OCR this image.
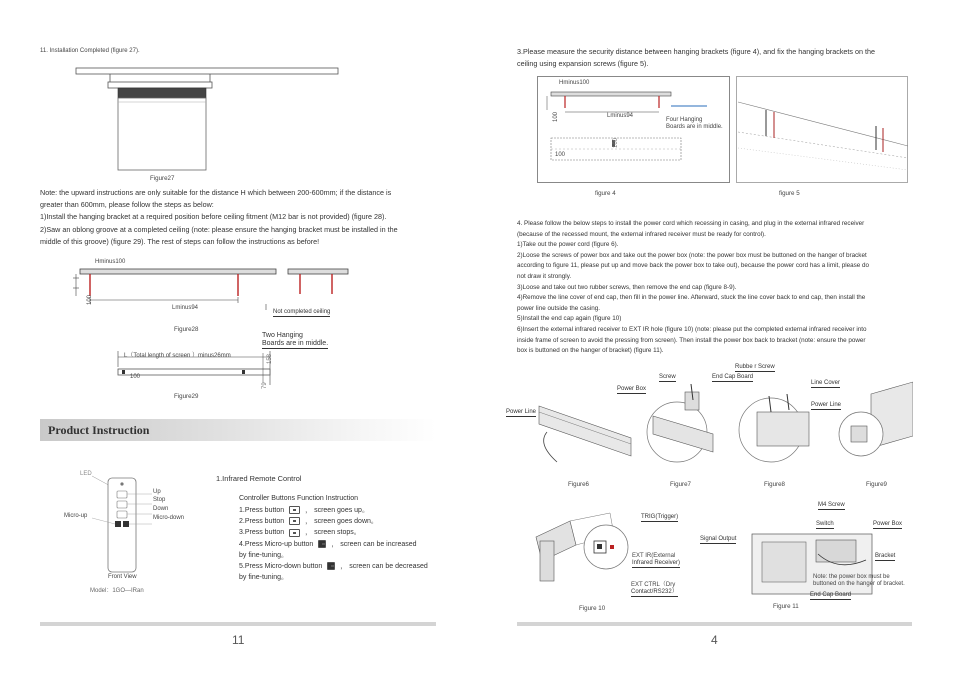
11. Installation Completed (figure 27).
Figure27
Note: the upward instructions are only suitable for the distance H which between 200-600mm; if the distance is
greater than 600mm, please follow the steps as below:
1)Install the hanging bracket at a required position before ceiling fitment (M12 bar is not provided) (figure 28).
2)Saw an oblong groove at a completed ceiling (note: please ensure the hanging bracket must be installed in the
middle of this groove) (figure 29). The rest of steps can follow the instructions as before!
Hminus100
100
Lminus94
Not completed ceiling
Figure28
Two Hanging
Boards are in middle.
L（Total length of screen ）minus26mm
100
158
79
Figure29
Product Instruction
LED
Up
Stop
Down
Micro-up	Micro-down
Front View
Model：1GO—IRan
1.Infrared Remote Control
Controller Buttons Function Instruction
1.Press button	， screen goes up。
2.Press button	， screen goes down。
3.Press button	， screen stops。
4.Press Micro-up button	， screen can be increased
by fine-tuning。
5.Press Micro-down button	， screen can be decreased
by fine-tuning。
11
3.Please measure the security distance between hanging brackets (figure 4), and fix the hanging brackets on the
ceiling using expansion screws (figure 5).
Hminus100
100	Lminus94
Four Hanging
Boards are in middle.
100
100
figure 4	figure 5
4. Please follow the below steps to install the power cord which recessing in casing, and plug in the external infrared receiver
(because of the recessed mount, the external infrared receiver must be ready for control).
1)Take out the power cord (figure 6).
2)Loose the screws of power box and take out the power box (note: the power box must be buttoned on the hanger of bracket
according to figure 11, please put up and move back the power box to take out), because the power cord has a limit, please do
not draw it strongly.
3)Loose and take out two rubber screws, then remove the end cap (figure 8-9).
4)Remove the line cover of end cap, then fill in the power line. Afterward, stuck the line cover back to end cap, then install the
power line outside the casing.
5)Install the end cap again (figure 10)
6)Insert the external infrared receiver to EXT IR hole (figure 10) (note: please put the completed external infrared receiver into
inside frame of screen to avoid the pressing from screen). Then install the power box back to bracket (note: ensure the power
box is buttoned on the hanger of bracket) (figure 11).
Rubbe r Screw
Screw	End Cap Board
Line Cover
Power Box
Power Line
Power Line
Figure6	Figure7	Figure8	Figure9
TRIG(Trigger)
EXT IR(External
Infrared Receiver)
EXT CTRL（Dry
Contact/RS232）
Figure 10
M4 Screw
Switch	Power Box
Signal Output
Bracket
Note: the power box must be
buttoned on the hanger of bracket.
End Cap Board
Figure 11
4
